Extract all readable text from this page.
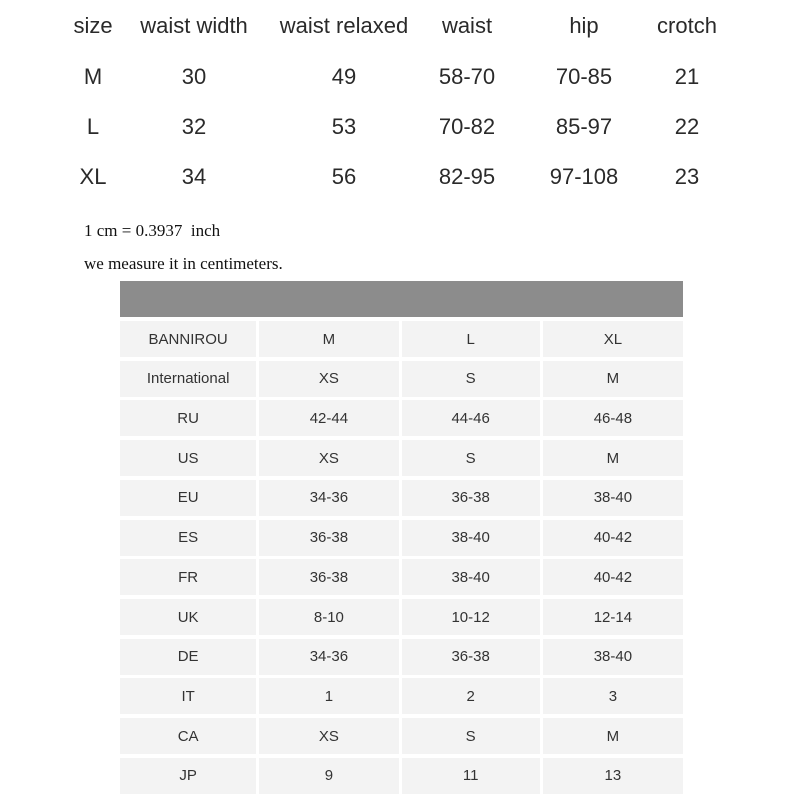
size	waist width	waist relaxed	waist	hip	crotch
M	30	49	58-70	70-85	21
L	32	53	70-82	85-97	22
XL	34	56	82-95	97-108	23
1 cm = 0.3937  inch
we measure it in centimeters.
BANNIROU	M	L	XL
International	XS	S	M
RU	42-44	44-46	46-48
US	XS	S	M
EU	34-36	36-38	38-40
ES	36-38	38-40	40-42
FR	36-38	38-40	40-42
UK	8-10	10-12	12-14
DE	34-36	36-38	38-40
IT	1	2	3
CA	XS	S	M
JP	9	11	13
